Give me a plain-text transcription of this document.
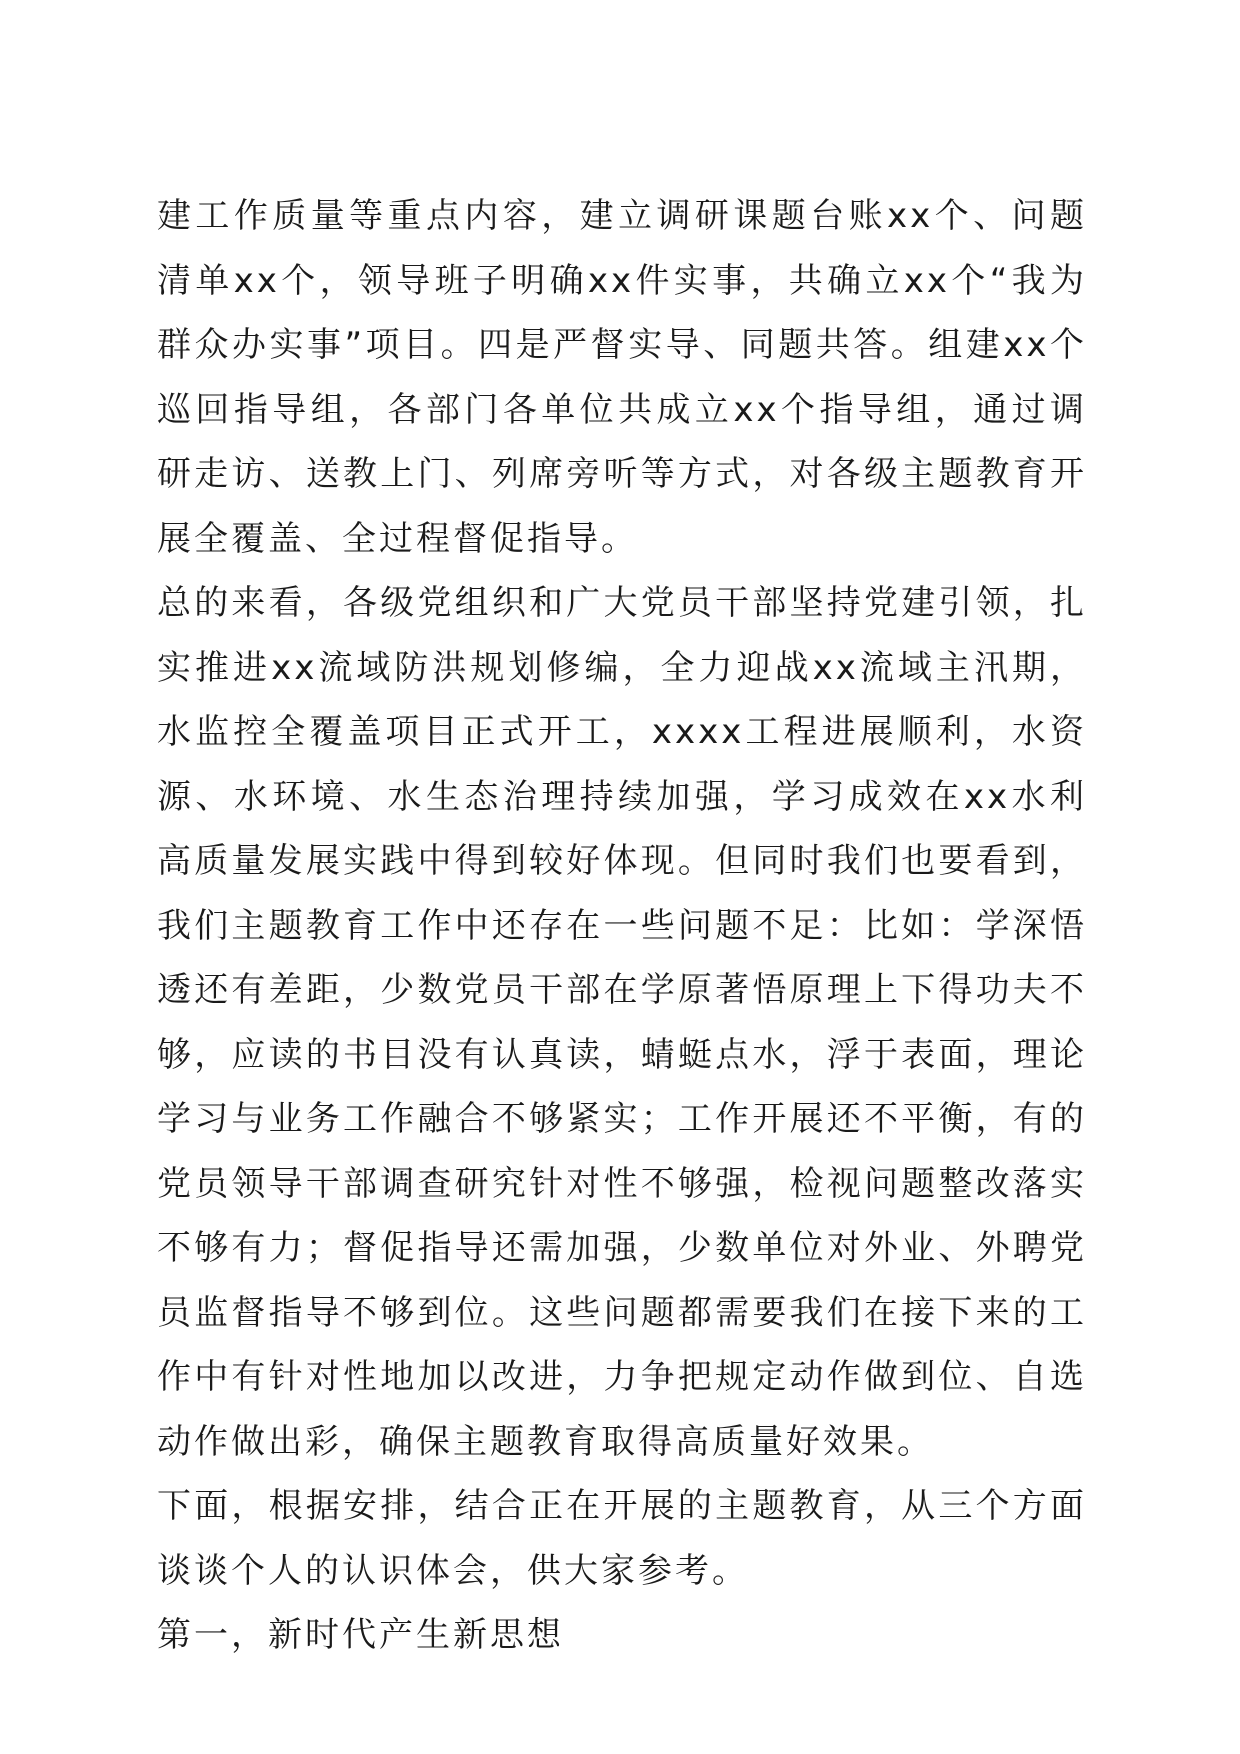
建工作质量等重点内容，建立调研课题台账xx个、问题清单xx个，领导班子明确xx件实事，共确立xx个“我为群众办实事”项目。四是严督实导、同题共答。组建xx个巡回指导组，各部门各单位共成立xx个指导组，通过调研走访、送教上门、列席旁听等方式，对各级主题教育开展全覆盖、全过程督促指导。

总的来看，各级党组织和广大党员干部坚持党建引领，扎实推进xx流域防洪规划修编，全力迎战xx流域主汛期，水监控全覆盖项目正式开工，xxxx工程进展顺利，水资源、水环境、水生态治理持续加强，学习成效在xx水利高质量发展实践中得到较好体现。但同时我们也要看到，我们主题教育工作中还存在一些问题不足：比如：学深悟透还有差距，少数党员干部在学原著悟原理上下得功夫不够，应读的书目没有认真读，蜻蜓点水，浮于表面，理论学习与业务工作融合不够紧实；工作开展还不平衡，有的党员领导干部调查研究针对性不够强，检视问题整改落实不够有力；督促指导还需加强，少数单位对外业、外聘党员监督指导不够到位。这些问题都需要我们在接下来的工作中有针对性地加以改进，力争把规定动作做到位、自选动作做出彩，确保主题教育取得高质量好效果。

下面，根据安排，结合正在开展的主题教育，从三个方面谈谈个人的认识体会，供大家参考。

第一，新时代产生新思想
